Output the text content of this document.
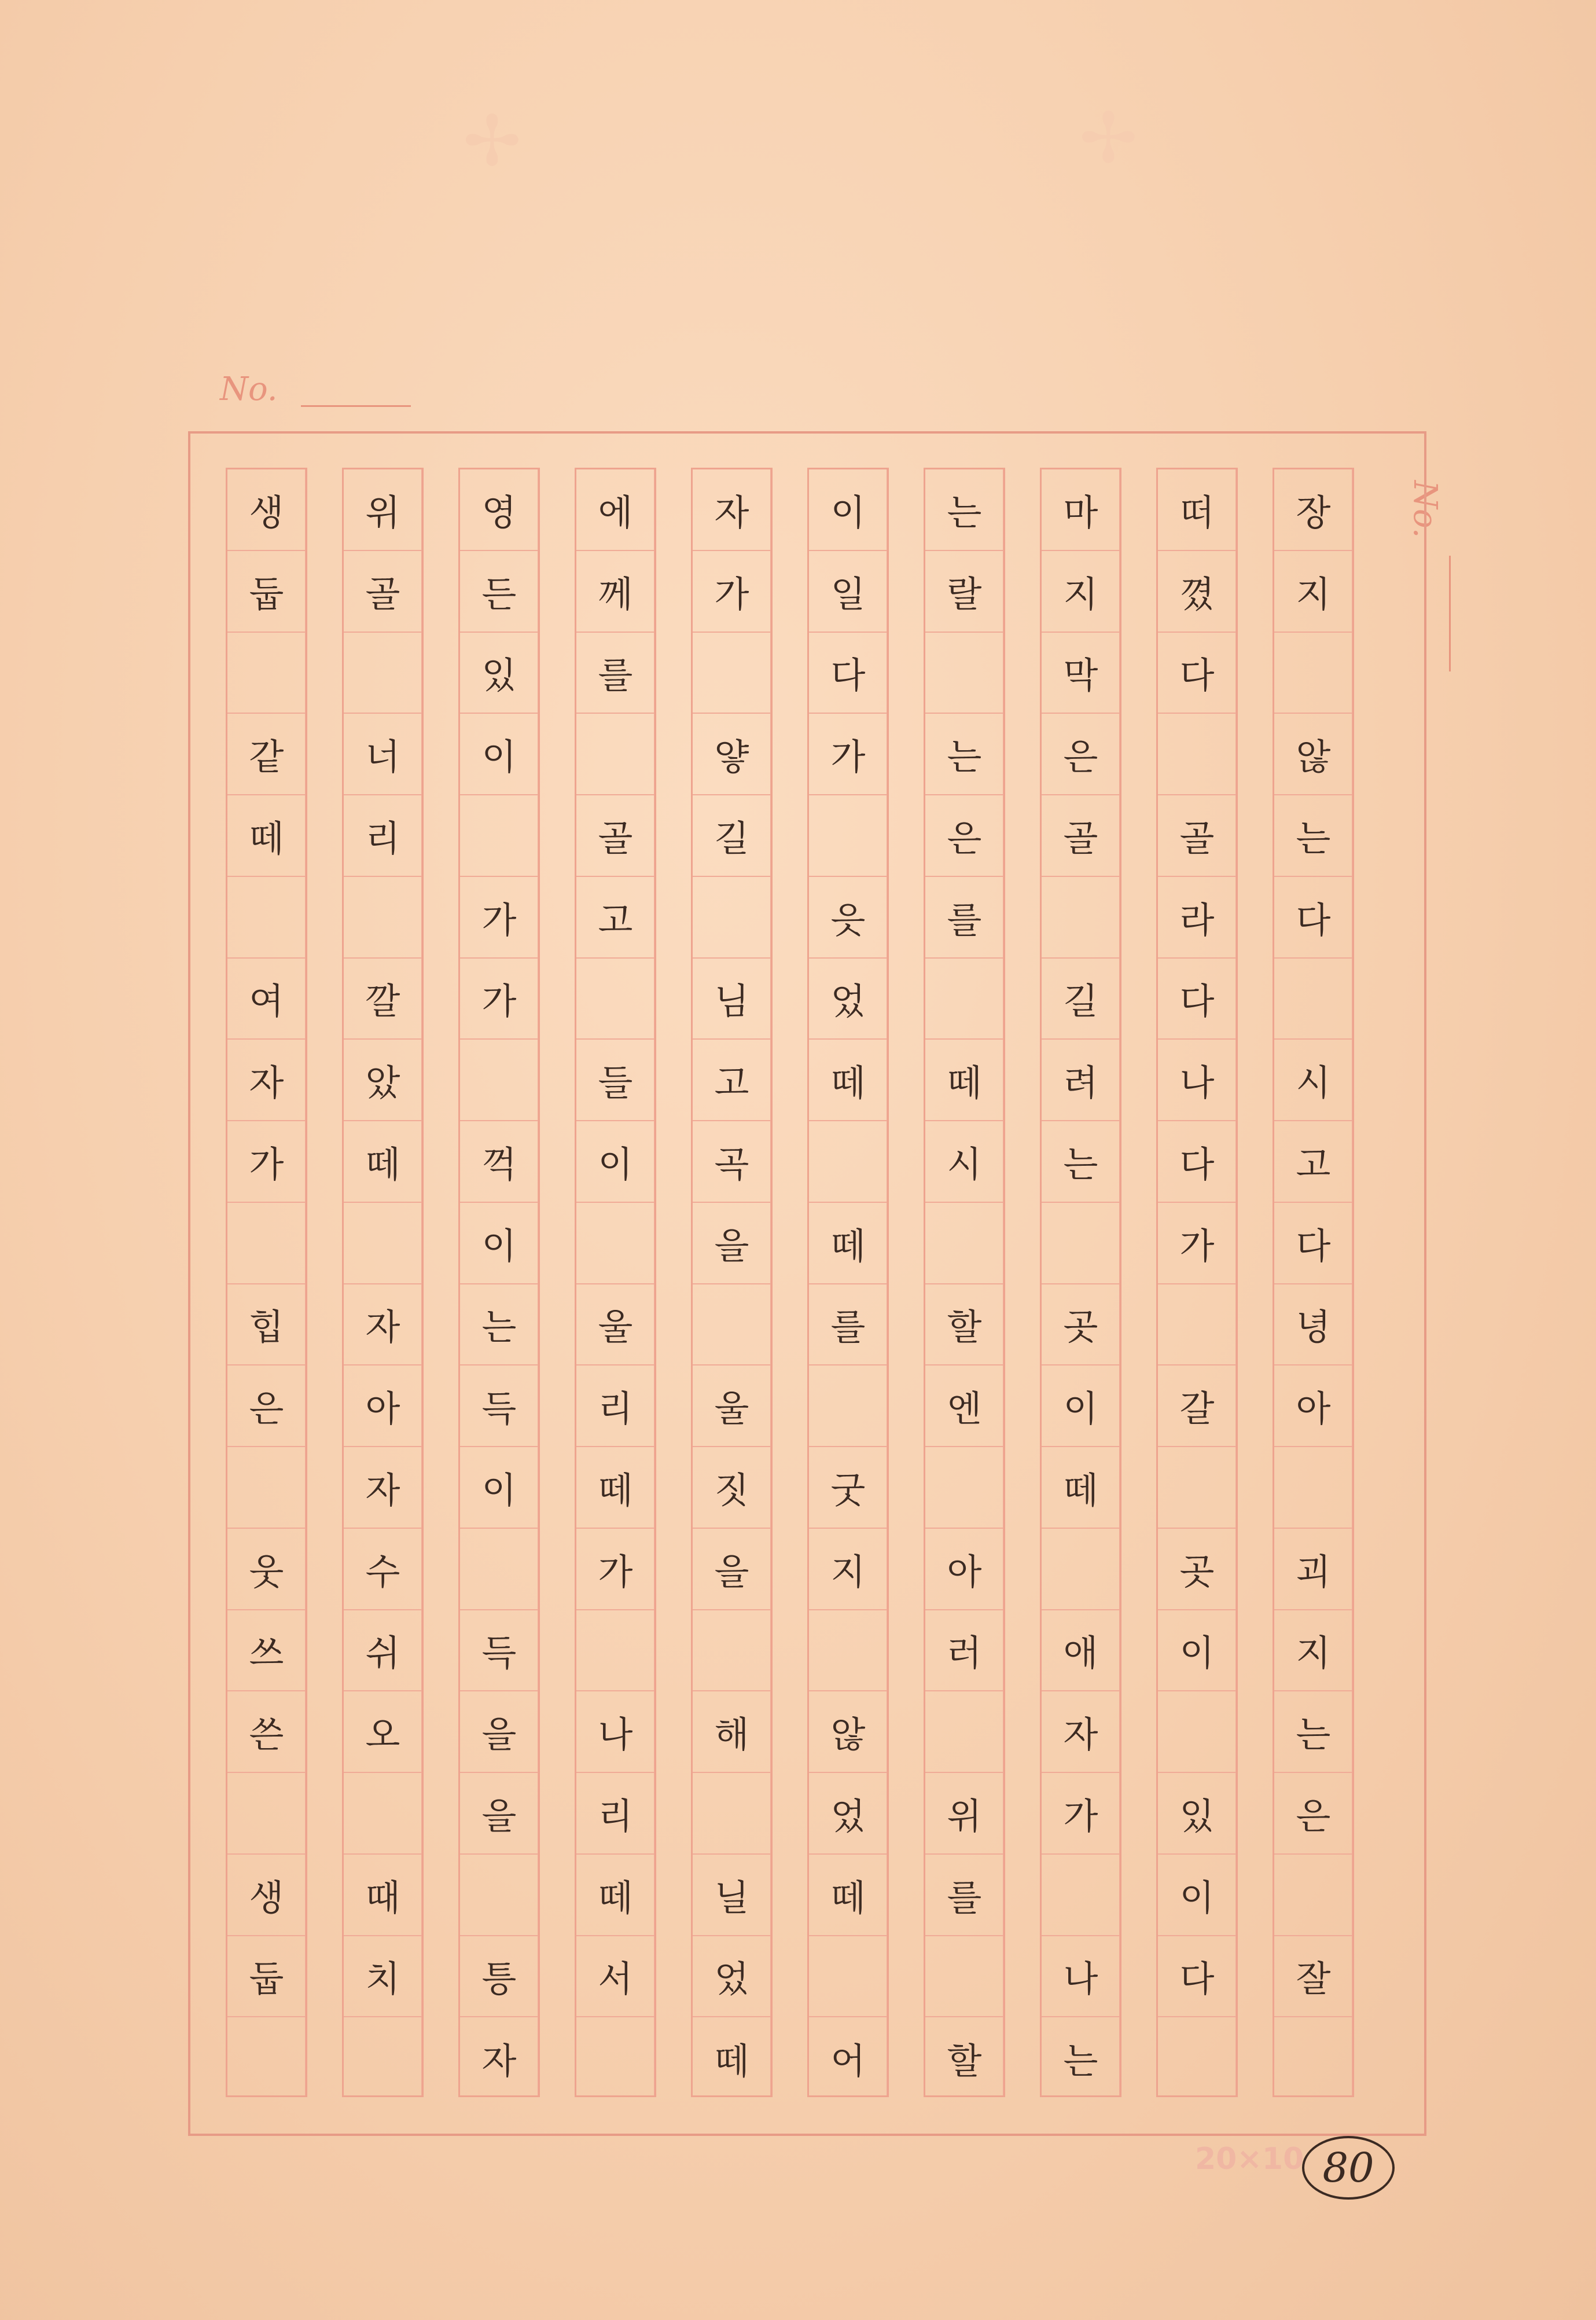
✢	✢
No.
No.
장
지
않
는
다
시
고
다
녕
아
괴
지
는
은
잘
떠
꼈
다
골
라
다
나
다
가
갈
곳
이
있
이
다
마
지
막
은
골
길
려
는
곳
이
떼
애
자
가
나
는
는
랄
는
은
를
떼
시
할
엔
아
러
위
를
할
이
일
다
가
읏
었
떼
떼
를
굿
지
않
었
떼
어
자
가
얗
길
님
고
곡
을
울
짓
을
해
닐
었
떼
에
께
를
골
고
들
이
울
리
떼
가
나
리
떼
서
영
든
있
이
가
가
꺽
이
는
득
이
득
을
을
틍
자
위
골
너
리
깔
았
떼
자
아
자
수
쉬
오
때
치
생
둡
같
떼
여
자
가
힙
은
웃
쓰
쓴
생
둡
20×10 80
